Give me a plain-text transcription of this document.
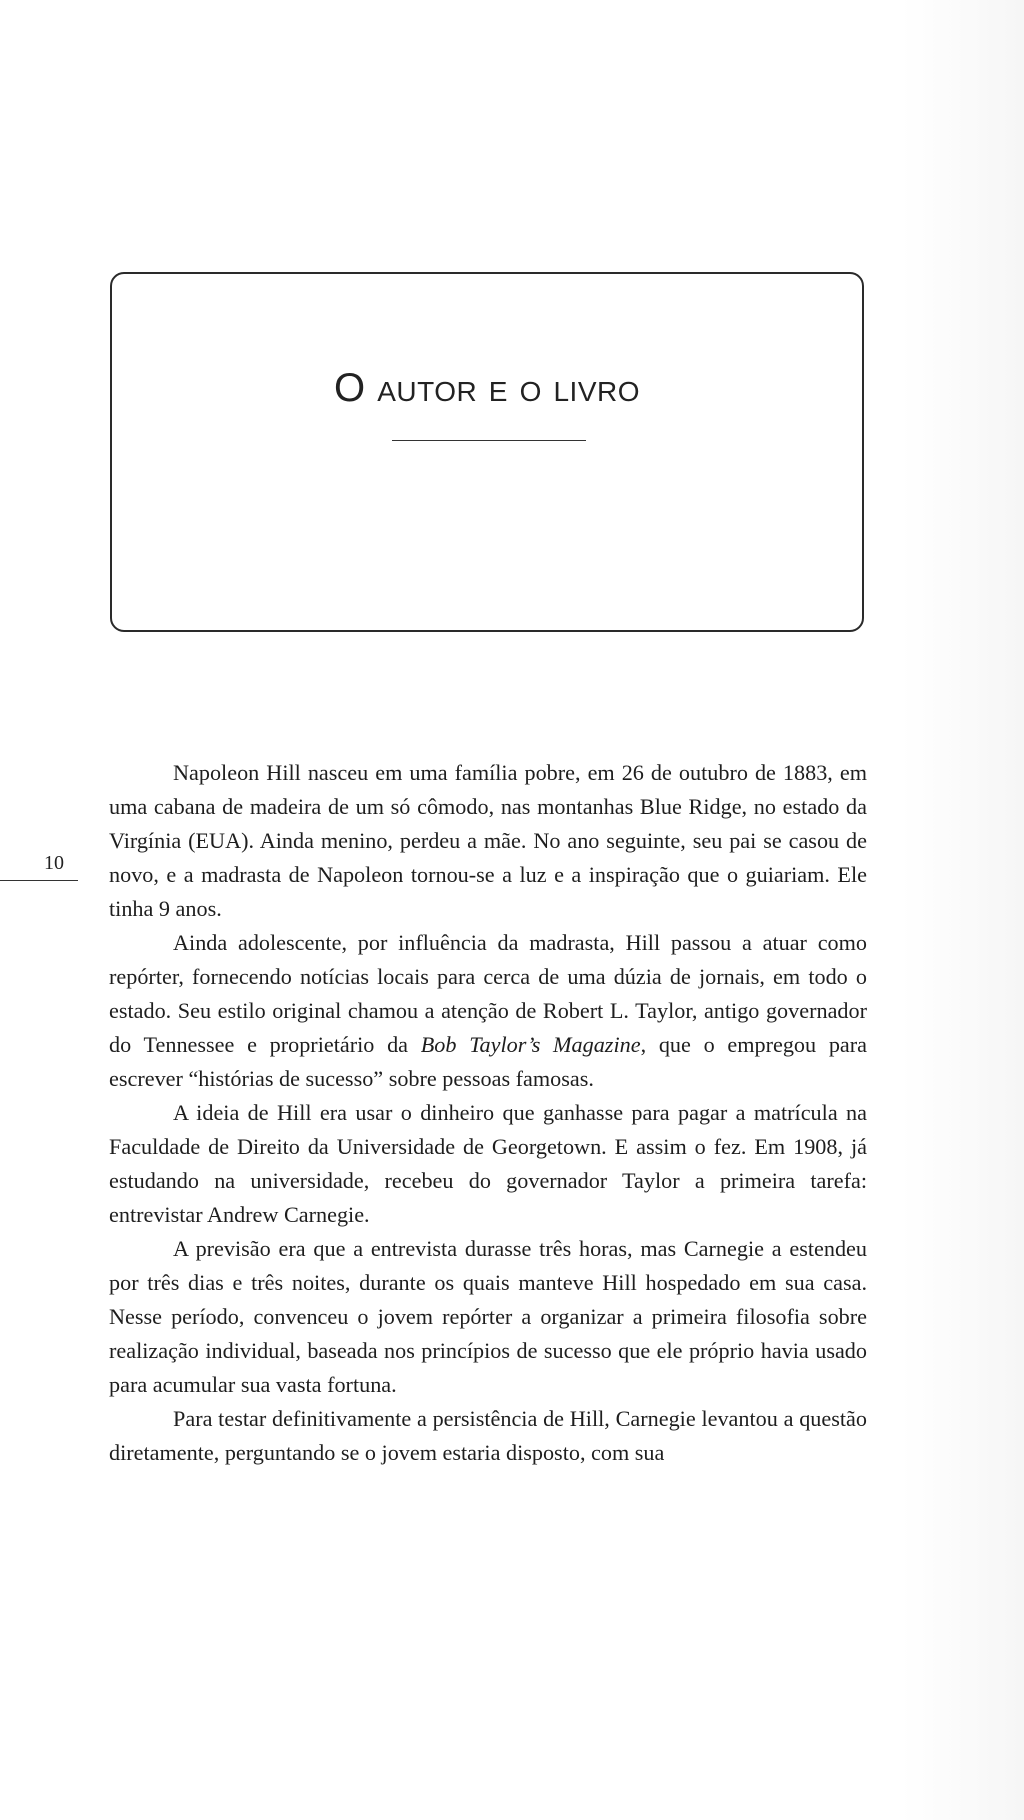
O autor e o livro
10

Napoleon Hill nasceu em uma família pobre, em 26 de outubro de 1883, em uma cabana de madeira de um só cômodo, nas montanhas Blue Ridge, no estado da Virgínia (EUA). Ainda menino, perdeu a mãe. No ano seguinte, seu pai se casou de novo, e a madrasta de Napoleon tornou-se a luz e a inspiração que o guiariam. Ele tinha 9 anos.

Ainda adolescente, por influência da madrasta, Hill passou a atuar como repórter, fornecendo notícias locais para cerca de uma dúzia de jornais, em todo o estado. Seu estilo original chamou a atenção de Robert L. Taylor, antigo governador do Tennessee e proprietário da Bob Taylor’s Magazine, que o empregou para escrever “histórias de sucesso” sobre pessoas famosas.

A ideia de Hill era usar o dinheiro que ganhasse para pagar a matrícula na Faculdade de Direito da Universidade de Georgetown. E assim o fez. Em 1908, já estudando na universidade, recebeu do governador Taylor a primeira tarefa: entrevistar Andrew Carnegie.

A previsão era que a entrevista durasse três horas, mas Carnegie a estendeu por três dias e três noites, durante os quais manteve Hill hospedado em sua casa. Nesse período, convenceu o jovem repórter a organizar a primeira filosofia sobre realização individual, baseada nos princípios de sucesso que ele próprio havia usado para acumular sua vasta fortuna.

Para testar definitivamente a persistência de Hill, Carnegie levantou a questão diretamente, perguntando se o jovem estaria disposto, com sua
